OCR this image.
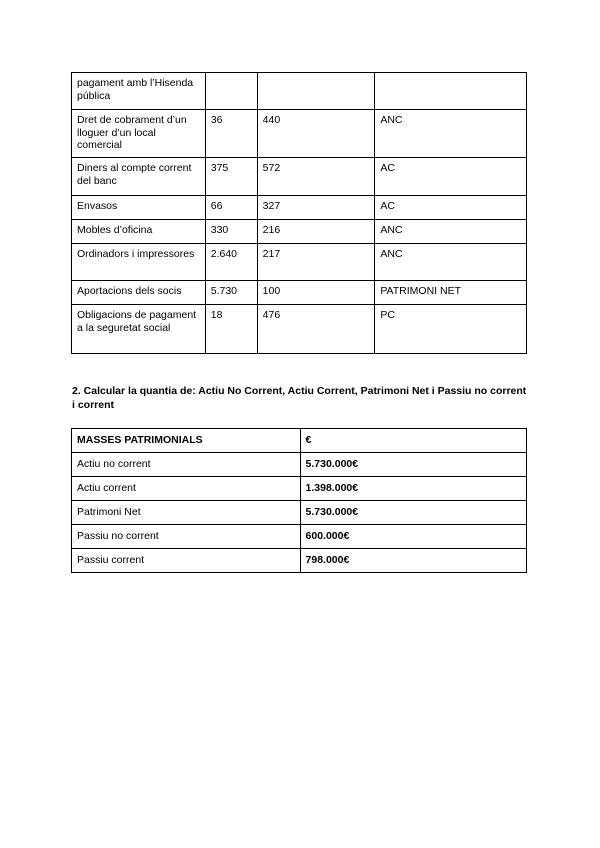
pagament amb l’Hisenda pública			
Dret de cobrament d’un lloguer d’un local comercial	36	440	ANC
Diners al compte corrent del banc	375	572	AC
Envasos	66	327	AC
Mobles d’oficina	330	216	ANC
Ordinadors i impressores	2.640	217	ANC
Aportacions dels socis	5.730	100	PATRIMONI NET
Obligacions de pagament a la seguretat social	18	476	PC

2. Calcular la quantia de: Actiu No Corrent, Actiu Corrent, Patrimoni Net i Passiu no corrent i corrent

MASSES PATRIMONIALS	€
Actiu no corrent	5.730.000€
Actiu corrent	1.398.000€
Patrimoni Net	5.730.000€
Passiu no corrent	600.000€
Passiu corrent	798.000€
